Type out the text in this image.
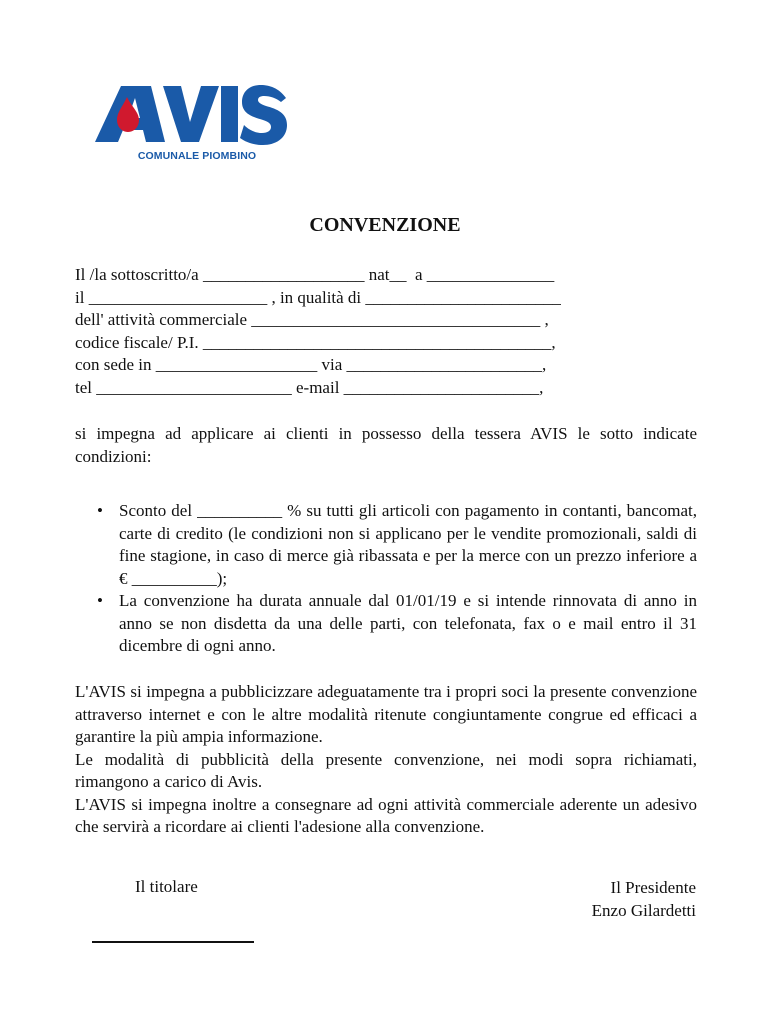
COMUNALE PIOMBINO
CONVENZIONE
Il /la sottoscritto/a ___________________ nat__  a _______________
il _____________________ , in qualità di _______________________
dell' attività commerciale __________________________________ ,
codice fiscale/ P.I. _________________________________________,
con sede in ___________________ via _______________________,
tel _______________________ e-mail _______________________,
si impegna ad applicare ai clienti in possesso della tessera AVIS le sotto indicate condizioni:
• Sconto del __________ % su tutti gli articoli con pagamento in contanti, bancomat, carte di credito (le condizioni non si applicano per le vendite promozionali, saldi di fine stagione, in caso di merce già ribassata e per la merce con un prezzo inferiore a € __________);
• La convenzione ha durata annuale dal 01/01/19 e si intende rinnovata di anno in anno se non disdetta da una delle parti, con telefonata, fax o e mail entro il 31 dicembre di ogni anno.

L'AVIS si impegna a pubblicizzare adeguatamente tra i propri soci la presente convenzione attraverso internet e con le altre modalità ritenute congiuntamente congrue ed efficaci a garantire la più ampia informazione.

Le modalità di pubblicità della presente convenzione, nei modi sopra richiamati, rimangono a carico di Avis.

L'AVIS si impegna inoltre a consegnare ad ogni attività commerciale aderente un adesivo che servirà a ricordare ai clienti l'adesione alla convenzione.

Il titolare	Il Presidente
Enzo Gilardetti
